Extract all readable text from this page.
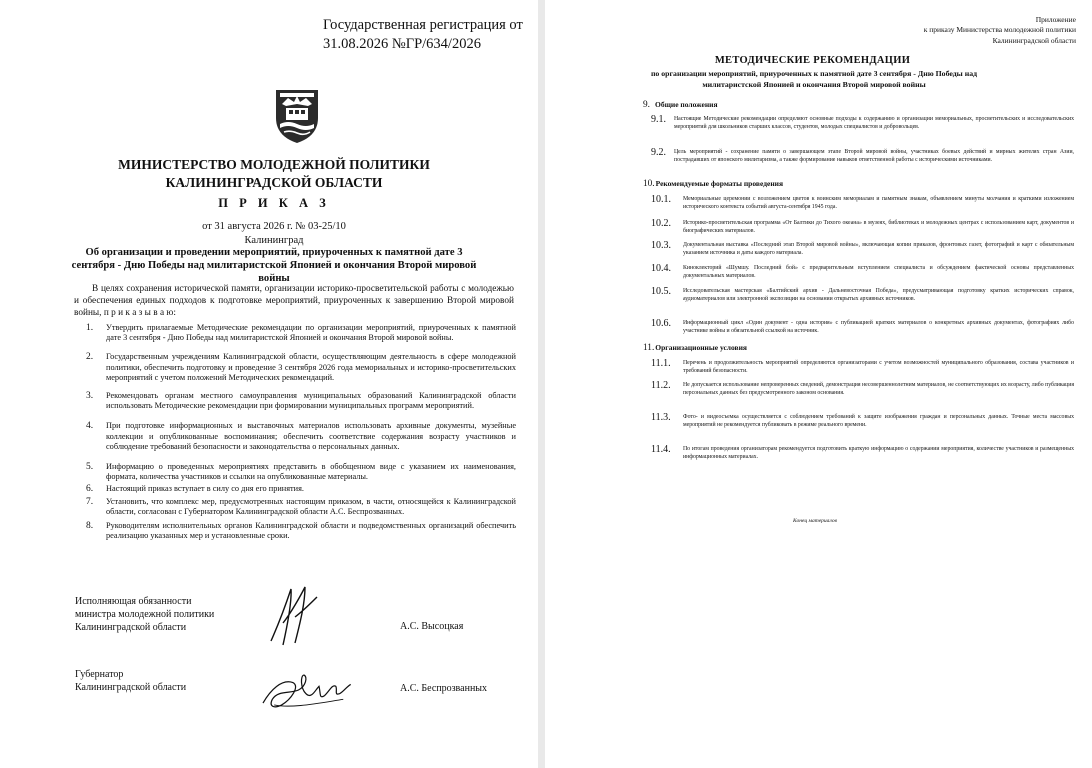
Государственная регистрация от
31.08.2026 №ГР/634/2026
МИНИСТЕРСТВО МОЛОДЕЖНОЙ ПОЛИТИКИ
КАЛИНИНГРАДСКОЙ ОБЛАСТИ
П Р И К А З
от 31 августа 2026 г. № 03-25/10
Калининград
Об организации и проведении мероприятий, приуроченных к памятной дате 3 сентября - Дню Победы над милитаристской Японией и окончания Второй мировой войны
В целях сохранения исторической памяти, организации историко-просветительской работы с молодежью и обеспечения единых подходов к подготовке мероприятий, приуроченных к завершению Второй мировой войны, п р и к а з ы в а ю:
1.	Утвердить прилагаемые Методические рекомендации по организации мероприятий, приуроченных к памятной дате 3 сентября - Дню Победы над милитаристской Японией и окончания Второй мировой войны.
2.	Государственным учреждениям Калининградской области, осуществляющим деятельность в сфере молодежной политики, обеспечить подготовку и проведение 3 сентября 2026 года мемориальных и историко-просветительских мероприятий с учетом положений Методических рекомендаций.
3.	Рекомендовать органам местного самоуправления муниципальных образований Калининградской области использовать Методические рекомендации при формировании муниципальных программ мероприятий.
4.	При подготовке информационных и выставочных материалов использовать архивные документы, музейные коллекции и опубликованные воспоминания; обеспечить соответствие содержания возрасту участников и соблюдение требований безопасности и законодательства о персональных данных.
5.	Информацию о проведенных мероприятиях представить в обобщенном виде с указанием их наименования, формата, количества участников и ссылки на опубликованные материалы.
6.	Настоящий приказ вступает в силу со дня его принятия.
7.	Установить, что комплекс мер, предусмотренных настоящим приказом, в части, относящейся к Калининградской области, согласован с Губернатором Калининградской области А.С. Беспрозванных.
8.	Руководителям исполнительных органов Калининградской области и подведомственных организаций обеспечить реализацию указанных мер и установленные сроки.
Исполняющая обязанности
министра молодежной политики
Калининградской области	А.С. Высоцкая
Губернатор
Калининградской области	А.С. Беспрозванных
Приложение
к приказу Министерства молодежной политики
Калининградской области
МЕТОДИЧЕСКИЕ РЕКОМЕНДАЦИИ
по организации мероприятий, приуроченных к памятной дате 3 сентября - Дню Победы над милитаристской Японией и окончания Второй мировой войны
9. Общие положения
9.1.	Настоящие Методические рекомендации определяют основные подходы к содержанию и организации мемориальных, просветительских и исследовательских мероприятий для школьников старших классов, студентов, молодых специалистов и добровольцев.
9.2.	Цель мероприятий - сохранение памяти о завершающем этапе Второй мировой войны, участниках боевых действий и мирных жителях стран Азии, пострадавших от японского милитаризма, а также формирование навыков ответственной работы с историческими источниками.
10. Рекомендуемые форматы проведения
10.1.	Мемориальные церемонии с возложением цветов к воинским мемориалам и памятным знакам, объявлением минуты молчания и краткими изложением исторического контекста событий августа-сентября 1945 года.
10.2.	Историко-просветительская программа «От Балтики до Тихого океана» в музеях, библиотеках и молодежных центрах с использованием карт, документов и биографических материалов.
10.3.	Документальная выставка «Последний этап Второй мировой войны», включающая копии приказов, фронтовых газет, фотографий и карт с обязательным указанием источника и даты каждого материала.
10.4.	Киноклекторий «Шумшу. Последний бой» с предварительным вступлением специалиста и обсуждением фактической основы представленных документальных материалов.
10.5.	Исследовательская мастерская «Балтийский архив - Дальневосточная Победа», предусматривающая подготовку кратких исторических справок, аудиоматериалов или электронной экспозиции на основании открытых архивных источников.
10.6.	Информационный цикл «Один документ - одна история» с публикацией кратких материалов о конкретных архивных документах, фотографиях либо участнике войны и обязательной ссылкой на источник.
11. Организационные условия
11.1.	Перечень и продолжительность мероприятий определяются организаторами с учетом возможностей муниципального образования, состава участников и требований безопасности.
11.2.	Не допускается использование непроверенных сведений, демонстрация несовершеннолетним материалов, не соответствующих их возрасту, либо публикация персональных данных без предусмотренного законом основания.
11.3.	Фото- и видеосъемка осуществляется с соблюдением требований к защите изображения граждан и персональных данных. Точные места массовых мероприятий не рекомендуется публиковать в режиме реального времени.
11.4.	По итогам проведения организаторам рекомендуется подготовить краткую информацию о содержании мероприятия, количестве участников и размещенных информационных материалах.
Конец материалов
